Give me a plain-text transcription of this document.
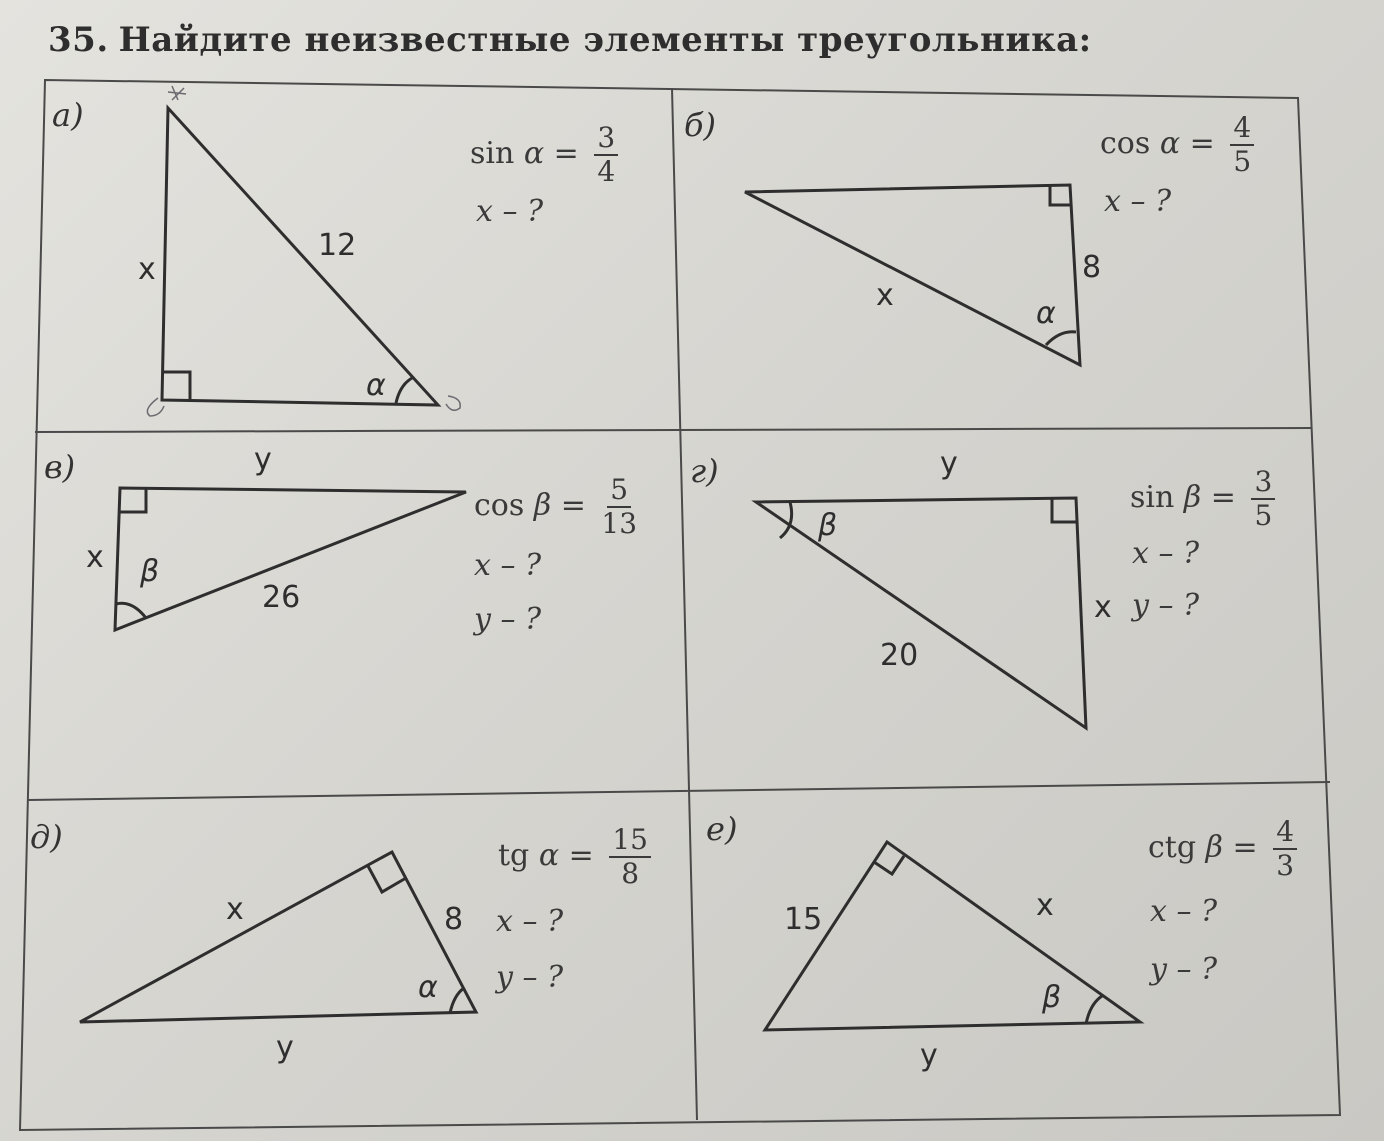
35. Найдите неизвестные элементы треугольника:
а)	б)
в)	г)
д)	е)
$\sin \alpha = \frac{3}{4}$
x – ?
12
x
α
$\cos \alpha = \frac{4}{5}$
x – ?
8
x
α
$\cos \beta = \frac{5}{13}$
x – ?
y – ?
y
x
26
β
$\sin \beta = \frac{3}{5}$
x – ?
y – ?
y
x
20
β
tg $\alpha = \frac{15}{8}$
x – ?
y – ?
x	8
y
α
ctg $\beta = \frac{4}{3}$
x – ?
y – ?
15	x
y
β
